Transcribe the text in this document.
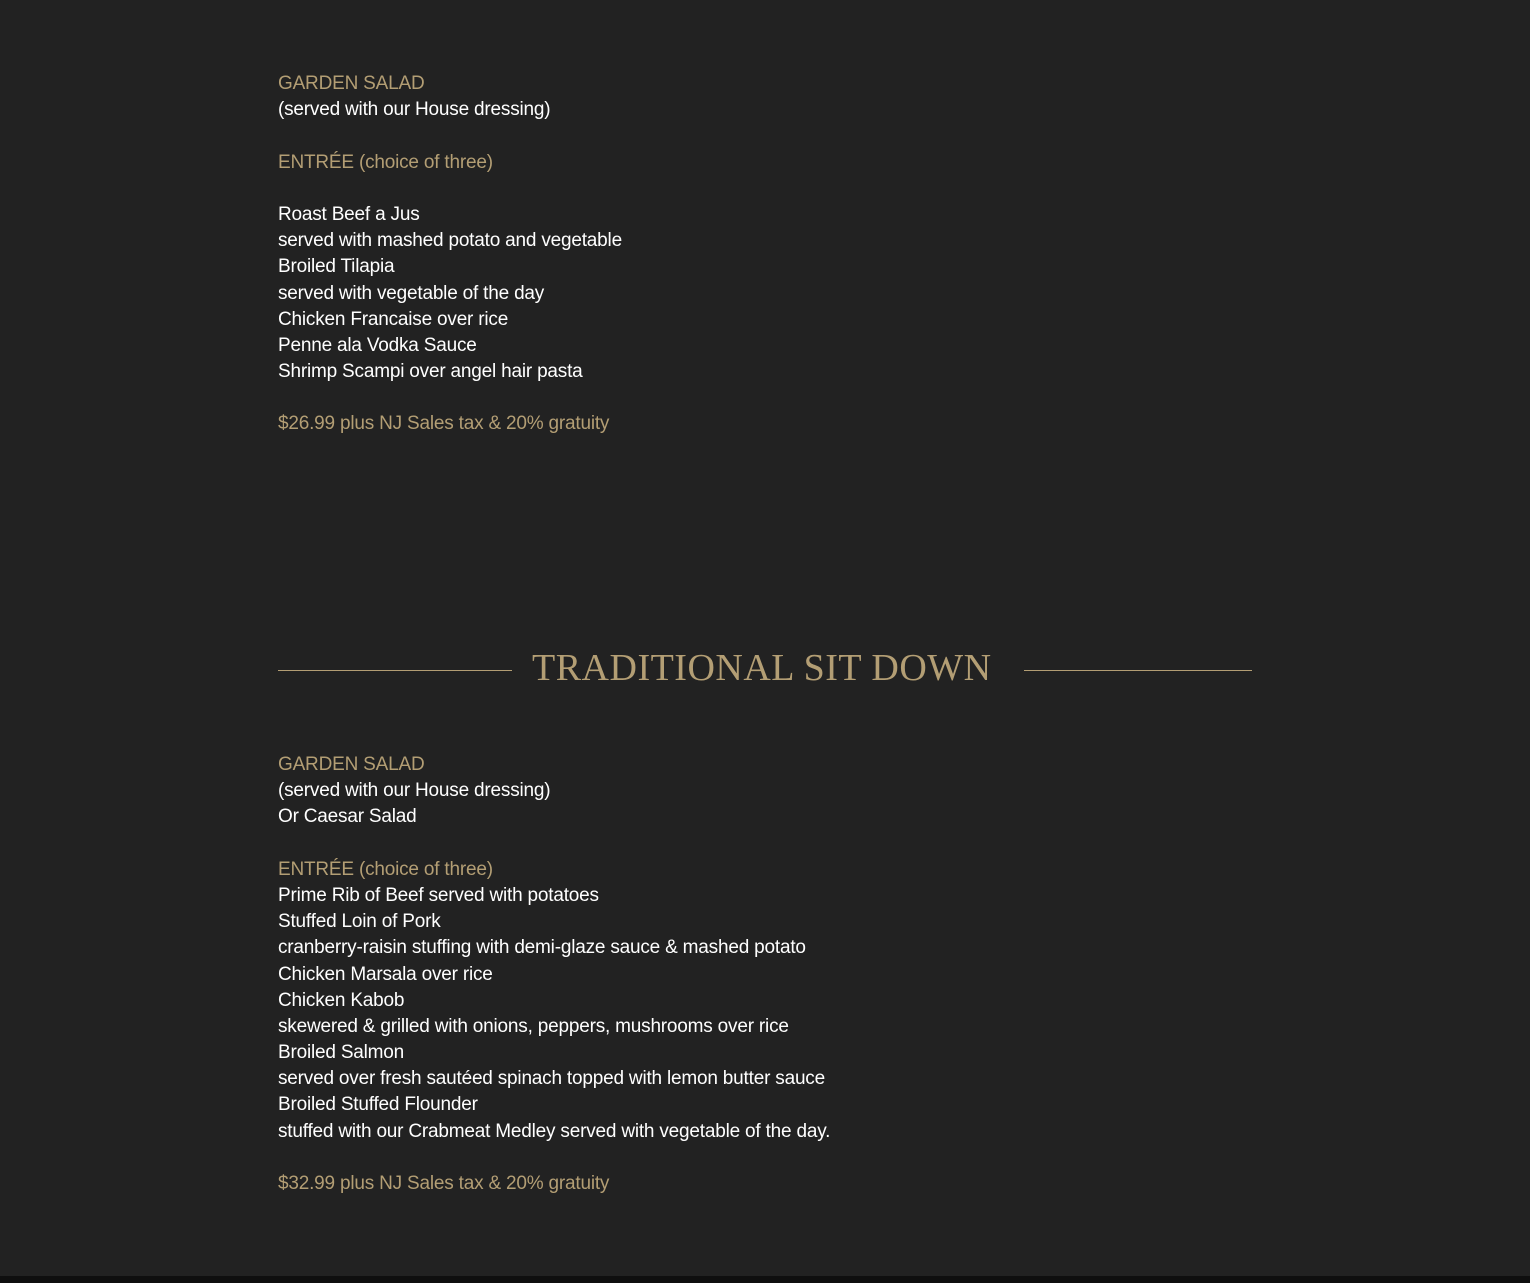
GARDEN SALAD
(served with our House dressing)
ENTRÉE (choice of three)
Roast Beef a Jus
served with mashed potato and vegetable
Broiled Tilapia
served with vegetable of the day
Chicken Francaise over rice
Penne ala Vodka Sauce
Shrimp Scampi over angel hair pasta
$26.99 plus NJ Sales tax & 20% gratuity
TRADITIONAL SIT DOWN
GARDEN SALAD
(served with our House dressing)
Or Caesar Salad
ENTRÉE (choice of three)
Prime Rib of Beef served with potatoes
Stuffed Loin of Pork
cranberry-raisin stuffing with demi-glaze sauce & mashed potato
Chicken Marsala over rice
Chicken Kabob
skewered & grilled with onions, peppers, mushrooms over rice
Broiled Salmon
served over fresh sautéed spinach topped with lemon butter sauce
Broiled Stuffed Flounder
stuffed with our Crabmeat Medley served with vegetable of the day.
$32.99 plus NJ Sales tax & 20% gratuity
